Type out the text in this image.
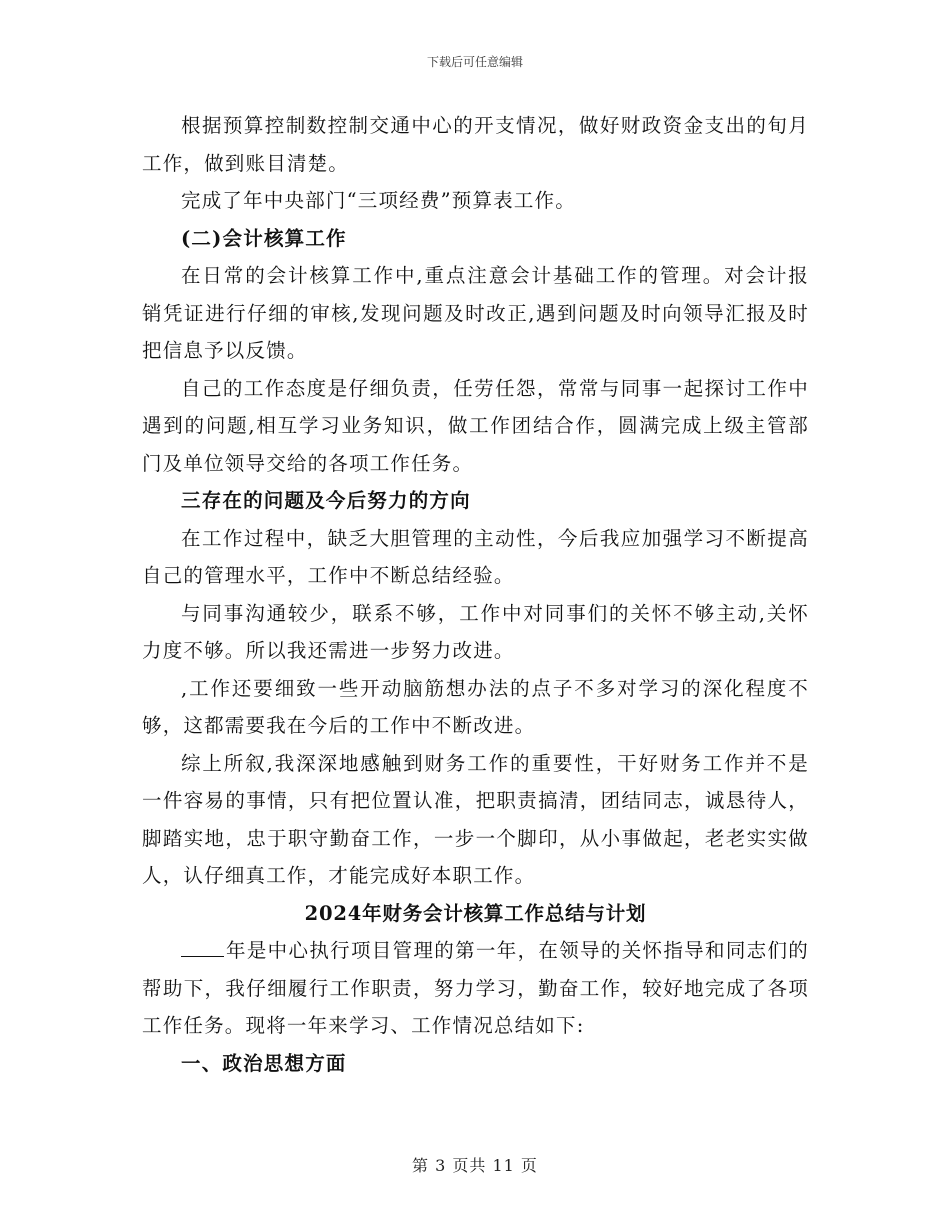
下载后可任意编辑

根据预算控制数控制交通中心的开支情况，做好财政资金支出的旬月工作，做到账目清楚。

完成了年中央部门“三项经费”预算表工作。

(二)会计核算工作

在日常的会计核算工作中,重点注意会计基础工作的管理。对会计报销凭证进行仔细的审核,发现问题及时改正,遇到问题及时向领导汇报及时把信息予以反馈。

自己的工作态度是仔细负责，任劳任怨，常常与同事一起探讨工作中遇到的问题,相互学习业务知识，做工作团结合作，圆满完成上级主管部门及单位领导交给的各项工作任务。

三存在的问题及今后努力的方向

在工作过程中，缺乏大胆管理的主动性，今后我应加强学习不断提高自己的管理水平，工作中不断总结经验。

与同事沟通较少，联系不够，工作中对同事们的关怀不够主动,关怀力度不够。所以我还需进一步努力改进。

,工作还要细致一些开动脑筋想办法的点子不多对学习的深化程度不够，这都需要我在今后的工作中不断改进。

综上所叙,我深深地感触到财务工作的重要性，干好财务工作并不是一件容易的事情，只有把位置认准，把职责搞清，团结同志，诚恳待人，脚踏实地，忠于职守勤奋工作，一步一个脚印，从小事做起，老老实实做人，认仔细真工作，才能完成好本职工作。

2024年财务会计核算工作总结与计划

年是中心执行项目管理的第一年，在领导的关怀指导和同志们的帮助下，我仔细履行工作职责，努力学习，勤奋工作，较好地完成了各项工作任务。现将一年来学习、工作情况总结如下:

一、政治思想方面

第 3 页共 11 页
